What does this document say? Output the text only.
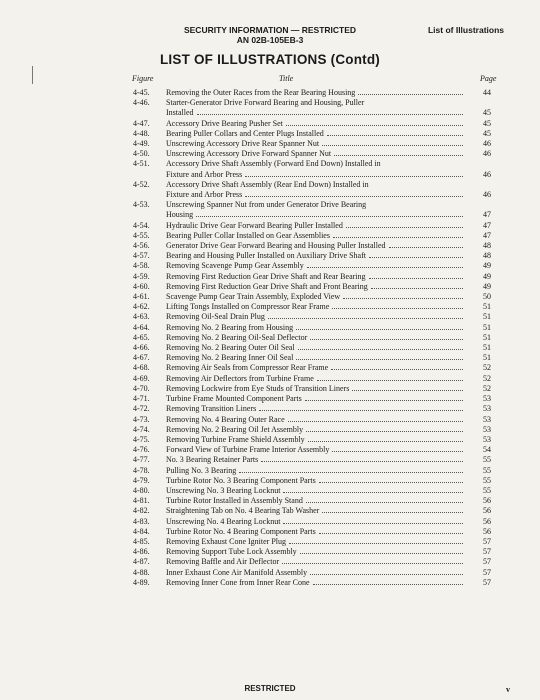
SECURITY INFORMATION — RESTRICTED
AN 02B-105EB-3
List of Illustrations
LIST OF ILLUSTRATIONS (Contd)
Figure	Title	Page
4-45. Removing the Outer Races from the Rear Bearing Housing	44
4-46. Starter-Generator Drive Forward Bearing and Housing, Puller
Installed	45
4-47. Accessory Drive Bearing Pusher Set	45
4-48. Bearing Puller Collars and Center Plugs Installed	45
4-49. Unscrewing Accessory Drive Rear Spanner Nut	46
4-50. Unscrewing Accessory Drive Forward Spanner Nut	46
4-51. Accessory Drive Shaft Assembly (Forward End Down) Installed in
Fixture and Arbor Press	46
4-52. Accessory Drive Shaft Assembly (Rear End Down) Installed in
Fixture and Arbor Press	46
4-53. Unscrewing Spanner Nut from under Generator Drive Bearing
Housing	47
4-54. Hydraulic Drive Gear Forward Bearing Puller Installed	47
4-55. Bearing Puller Collar Installed on Gear Assemblies	47
4-56. Generator Drive Gear Forward Bearing and Housing Puller Installed	48
4-57. Bearing and Housing Puller Installed on Auxiliary Drive Shaft	48
4-58. Removing Scavenge Pump Gear Assembly	49
4-59. Removing First Reduction Gear Drive Shaft and Rear Bearing	49
4-60. Removing First Reduction Gear Drive Shaft and Front Bearing	49
4-61. Scavenge Pump Gear Train Assembly, Exploded View	50
4-62. Lifting Tongs Installed on Compressor Rear Frame	51
4-63. Removing Oil-Seal Drain Plug	51
4-64. Removing No. 2 Bearing from Housing	51
4-65. Removing No. 2 Bearing Oil-Seal Deflector	51
4-66. Removing No. 2 Bearing Outer Oil Seal	51
4-67. Removing No. 2 Bearing Inner Oil Seal	51
4-68. Removing Air Seals from Compressor Rear Frame	52
4-69. Removing Air Deflectors from Turbine Frame	52
4-70. Removing Lockwire from Eye Studs of Transition Liners	52
4-71. Turbine Frame Mounted Component Parts	53
4-72. Removing Transition Liners	53
4-73. Removing No. 4 Bearing Outer Race	53
4-74. Removing No. 2 Bearing Oil Jet Assembly	53
4-75. Removing Turbine Frame Shield Assembly	53
4-76. Forward View of Turbine Frame Interior Assembly	54
4-77. No. 3 Bearing Retainer Parts	55
4-78. Pulling No. 3 Bearing	55
4-79. Turbine Rotor No. 3 Bearing Component Parts	55
4-80. Unscrewing No. 3 Bearing Locknut	55
4-81. Turbine Rotor Installed in Assembly Stand	56
4-82. Straightening Tab on No. 4 Bearing Tab Washer	56
4-83. Unscrewing No. 4 Bearing Locknut	56
4-84. Turbine Rotor No. 4 Bearing Component Parts	56
4-85. Removing Exhaust Cone Igniter Plug	57
4-86. Removing Support Tube Lock Assembly	57
4-87. Removing Baffle and Air Deflector	57
4-88. Inner Exhaust Cone Air Manifold Assembly	57
4-89. Removing Inner Cone from Inner Rear Cone	57
RESTRICTED	v
